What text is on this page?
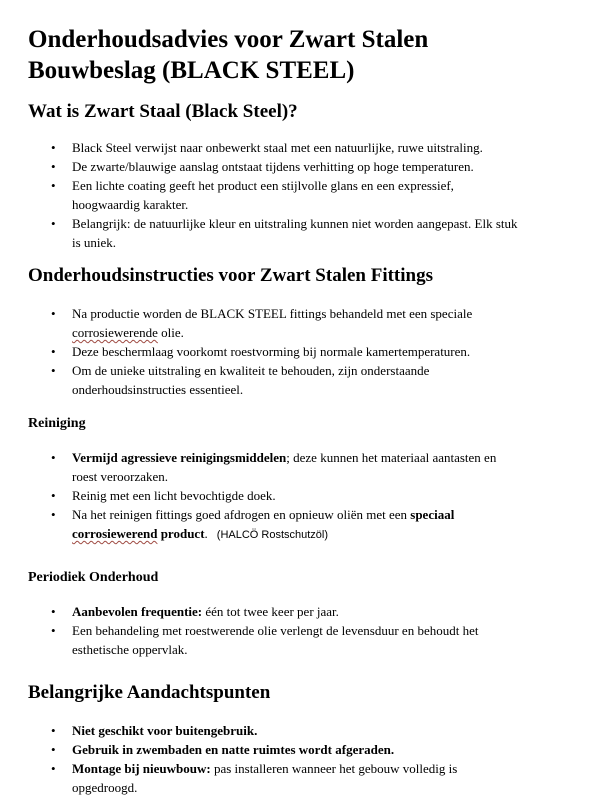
Onderhoudsadvies voor Zwart Stalen
Bouwbeslag (BLACK STEEL)
Wat is Zwart Staal (Black Steel)?
• Black Steel verwijst naar onbewerkt staal met een natuurlijke, ruwe uitstraling.
• De zwarte/blauwige aanslag ontstaat tijdens verhitting op hoge temperaturen.
• Een lichte coating geeft het product een stijlvolle glans en een expressief,
hoogwaardig karakter.
• Belangrijk: de natuurlijke kleur en uitstraling kunnen niet worden aangepast. Elk stuk
is uniek.
Onderhoudsinstructies voor Zwart Stalen Fittings
• Na productie worden de BLACK STEEL fittings behandeld met een speciale
corrosiewerende olie.
• Deze beschermlaag voorkomt roestvorming bij normale kamertemperaturen.
• Om de unieke uitstraling en kwaliteit te behouden, zijn onderstaande
onderhoudsinstructies essentieel.
Reiniging
• Vermijd agressieve reinigingsmiddelen; deze kunnen het materiaal aantasten en
roest veroorzaken.
• Reinig met een licht bevochtigde doek.
• Na het reinigen fittings goed afdrogen en opnieuw oliën met een speciaal
corrosiewerend product. (HALCÖ Rostschutzöl)
Periodiek Onderhoud
• Aanbevolen frequentie: één tot twee keer per jaar.
• Een behandeling met roestwerende olie verlengt de levensduur en behoudt het
esthetische oppervlak.
Belangrijke Aandachtspunten
• Niet geschikt voor buitengebruik.
• Gebruik in zwembaden en natte ruimtes wordt afgeraden.
• Montage bij nieuwbouw: pas installeren wanneer het gebouw volledig is
opgedroogd.
